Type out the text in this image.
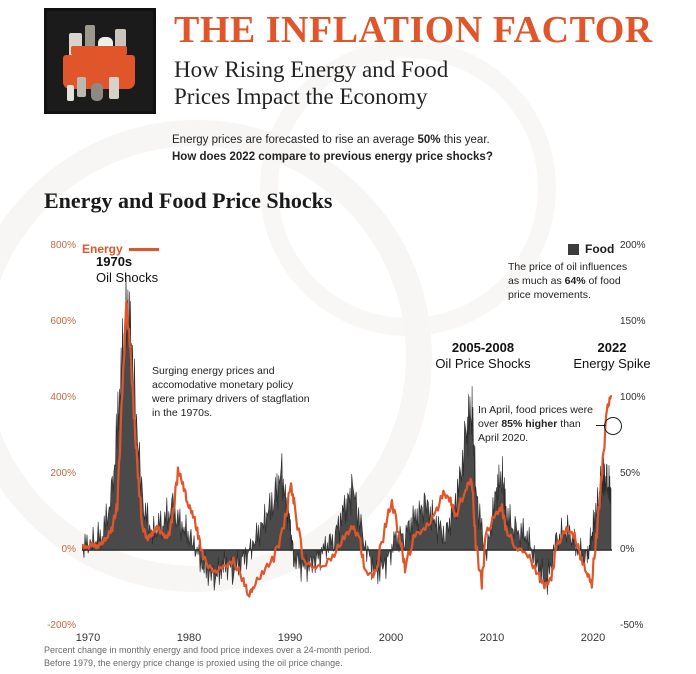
THE INFLATION FACTOR
How Rising Energy and Food
Prices Impact the Economy
Energy prices are forecasted to rise an average 50% this year.
How does 2022 compare to previous energy price shocks?
Energy and Food Price Shocks
Energy	Food
800%
600%
400%
200%
0%
-200%
200%
150%
100%
50%
0%
-50%
1970	1980	1990	2000	2010	2020
1970s
Oil Shocks
Surging energy prices and accomodative monetary policy were primary drivers of stagflation in the 1970s.
2005-2008
Oil Price Shocks
2022
Energy Spike
The price of oil influences as much as 64% of food price movements.
In April, food prices were over 85% higher than April 2020.
Percent change in monthly energy and food price indexes over a 24-month period.
Before 1979, the energy price change is proxied using the oil price change.
